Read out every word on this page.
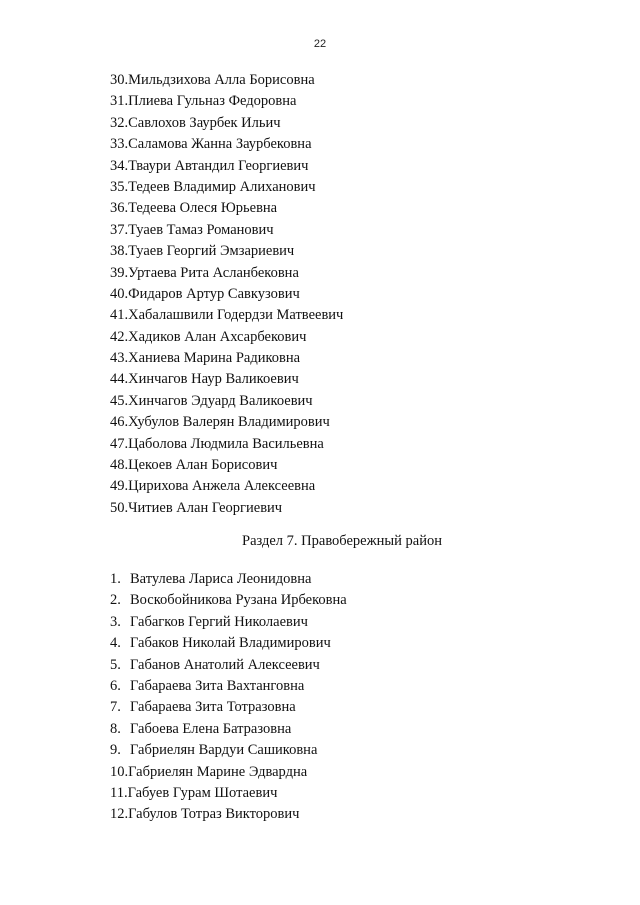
22
30.Мильдзихова Алла Борисовна
31.Плиева Гульназ Федоровна
32.Савлохов Заурбек Ильич
33.Саламова Жанна Заурбековна
34.Тваури Автандил Георгиевич
35.Тедеев Владимир Алиханович
36.Тедеева Олеся Юрьевна
37.Туаев Тамаз Романович
38.Туаев Георгий Эмзариевич
39.Уртаева Рита Асланбековна
40.Фидаров Артур Савкузович
41.Хабалашвили Годердзи Матвеевич
42.Хадиков Алан Ахсарбекович
43.Ханиева Марина Радиковна
44.Хинчагов Наур Валикоевич
45.Хинчагов Эдуард Валикоевич
46.Хубулов Валерян Владимирович
47.Цаболова Людмила Васильевна
48.Цекоев Алан Борисович
49.Цирихова Анжела Алексеевна
50.Читиев Алан Георгиевич
Раздел 7. Правобережный район
1. Ватулева Лариса Леонидовна
2. Воскобойникова Рузана Ирбековна
3. Габагков Гергий Николаевич
4. Габаков Николай Владимирович
5. Габанов Анатолий Алексеевич
6. Габараева Зита Вахтанговна
7. Габараева Зита Тотразовна
8. Габоева Елена Батразовна
9. Габриелян Вардуи Сашиковна
10.Габриелян Марине Эдвардна
11.Габуев Гурам Шотаевич
12.Габулов Тотраз Викторович
